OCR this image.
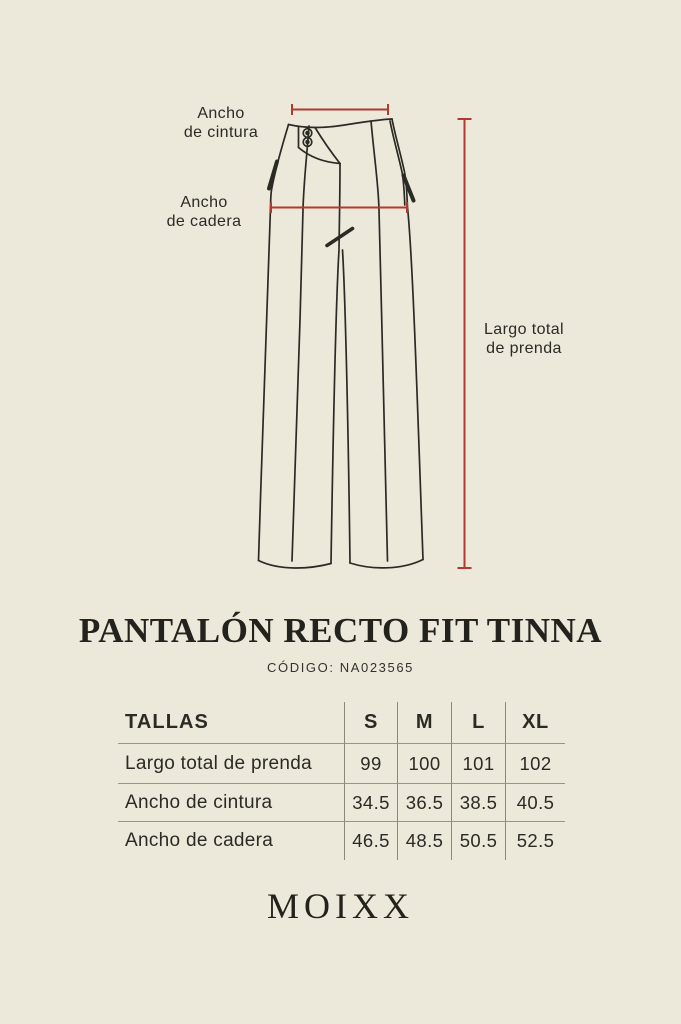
Ancho
de cintura
Ancho
de cadera
Largo total
de prenda
PANTALÓN RECTO FIT TINNA
CÓDIGO: NA023565
TALLAS	S	M	L	XL
Largo total de prenda	99	100	101	102
Ancho de cintura	34.5 36.5 38.5	40.5
Ancho de cadera	46.5 48.5 50.5	52.5
MOIXX
